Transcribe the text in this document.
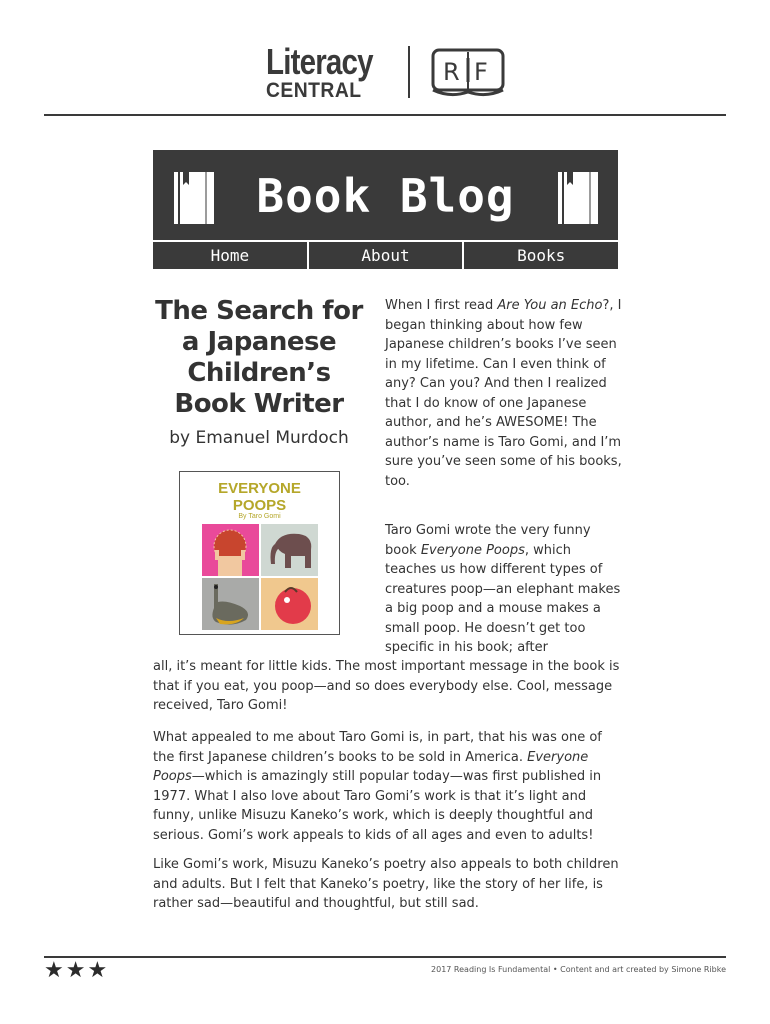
Literacy
CENTRAL
R F
Book Blog
Home	About	Books
The Search for a Japanese Children’s Book Writer
by Emanuel Murdoch
EVERYONE
POOPS
By Taro Gomi
When I first read Are You an Echo?, I began thinking about how few Japanese children’s books I’ve seen in my lifetime. Can I even think of any? Can you? And then I realized that I do know of one Japanese author, and he’s AWESOME! The author’s name is Taro Gomi, and I’m sure you’ve seen some of his books, too.
Taro Gomi wrote the very funny book Everyone Poops, which teaches us how different types of creatures poop—an elephant makes a big poop and a mouse makes a small poop. He doesn’t get too specific in his book; after
all, it’s meant for little kids. The most important message in the book is that if you eat, you poop—and so does everybody else. Cool, message received, Taro Gomi!
What appealed to me about Taro Gomi is, in part, that his was one of the first Japanese children’s books to be sold in America. Everyone Poops—which is amazingly still popular today—was first published in 1977. What I also love about Taro Gomi’s work is that it’s light and funny, unlike Misuzu Kaneko’s work, which is deeply thoughtful and serious. Gomi’s work appeals to kids of all ages and even to adults!
Like Gomi’s work, Misuzu Kaneko’s poetry also appeals to both children and adults. But I felt that Kaneko’s poetry, like the story of her life, is rather sad—beautiful and thoughtful, but still sad.
★★★	2017 Reading Is Fundamental • Content and art created by Simone Ribke
